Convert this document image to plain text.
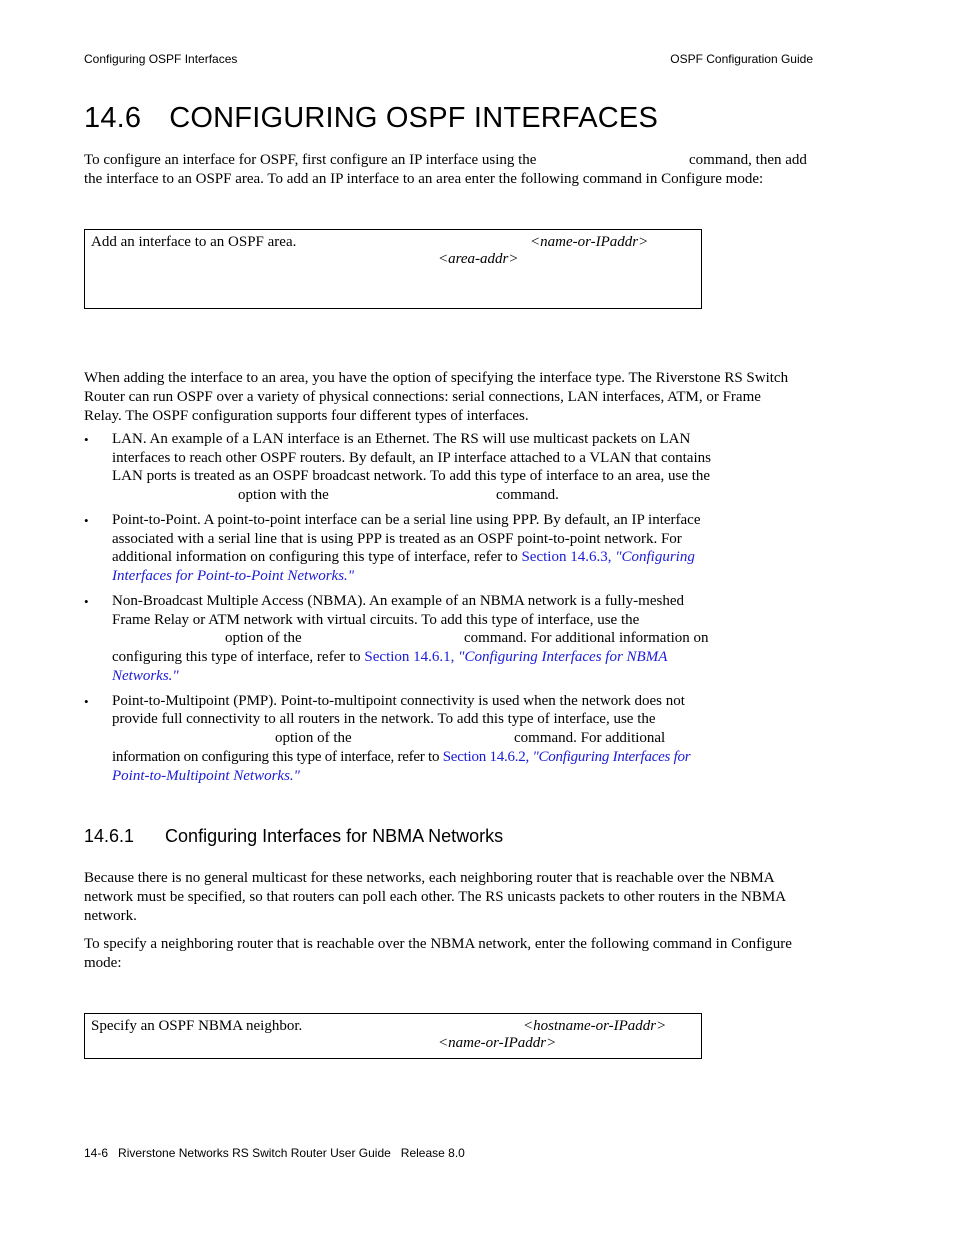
Configuring OSPF Interfaces	OSPF Configuration Guide
14.6 CONFIGURING OSPF INTERFACES
To configure an interface for OSPF, first configure an IP interface using the	command, then add
the interface to an OSPF area. To add an IP interface to an area enter the following command in Configure mode:
Add an interface to an OSPF area.	<name-or-IPaddr>
<area-addr>
When adding the interface to an area, you have the option of specifying the interface type. The Riverstone RS Switch
Router can run OSPF over a variety of physical connections: serial connections, LAN interfaces, ATM, or Frame
Relay. The OSPF configuration supports four different types of interfaces.
• LAN. An example of a LAN interface is an Ethernet. The RS will use multicast packets on LAN
interfaces to reach other OSPF routers. By default, an IP interface attached to a VLAN that contains
LAN ports is treated as an OSPF broadcast network. To add this type of interface to an area, use the
option with the	command.
• Point-to-Point. A point-to-point interface can be a serial line using PPP. By default, an IP interface
associated with a serial line that is using PPP is treated as an OSPF point-to-point network. For
additional information on configuring this type of interface, refer to Section 14.6.3, "Configuring
Interfaces for Point-to-Point Networks."
• Non-Broadcast Multiple Access (NBMA). An example of an NBMA network is a fully-meshed
Frame Relay or ATM network with virtual circuits. To add this type of interface, use the
option of the	command. For additional information on
configuring this type of interface, refer to Section 14.6.1, "Configuring Interfaces for NBMA
Networks."
• Point-to-Multipoint (PMP). Point-to-multipoint connectivity is used when the network does not
provide full connectivity to all routers in the network. To add this type of interface, use the
option of the	command. For additional
information on configuring this type of interface, refer to Section 14.6.2, "Configuring Interfaces for
Point-to-Multipoint Networks."
14.6.1 Configuring Interfaces for NBMA Networks
Because there is no general multicast for these networks, each neighboring router that is reachable over the NBMA
network must be specified, so that routers can poll each other. The RS unicasts packets to other routers in the NBMA
network.
To specify a neighboring router that is reachable over the NBMA network, enter the following command in Configure
mode:
Specify an OSPF NBMA neighbor.	<hostname-or-IPaddr>
<name-or-IPaddr>
14-6 Riverstone Networks RS Switch Router User Guide Release 8.0
